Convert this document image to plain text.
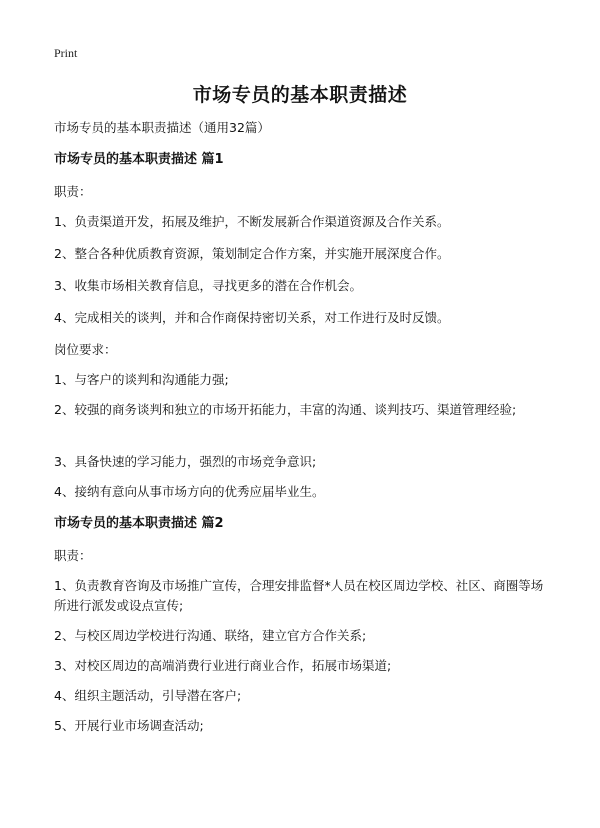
Print
市场专员的基本职责描述
市场专员的基本职责描述（通用32篇）
市场专员的基本职责描述 篇1
职责：
1、负责渠道开发，拓展及维护，不断发展新合作渠道资源及合作关系。
2、整合各种优质教育资源，策划制定合作方案，并实施开展深度合作。
3、收集市场相关教育信息，寻找更多的潜在合作机会。
4、完成相关的谈判，并和合作商保持密切关系，对工作进行及时反馈。
岗位要求：
1、与客户的谈判和沟通能力强;
2、较强的商务谈判和独立的市场开拓能力，丰富的沟通、谈判技巧、渠道管理经验;
3、具备快速的学习能力，强烈的市场竞争意识;
4、接纳有意向从事市场方向的优秀应届毕业生。
市场专员的基本职责描述 篇2
职责：
1、负责教育咨询及市场推广宣传，合理安排监督*人员在校区周边学校、社区、商圈等场所进行派发或设点宣传;
2、与校区周边学校进行沟通、联络，建立官方合作关系;
3、对校区周边的高端消费行业进行商业合作，拓展市场渠道;
4、组织主题活动，引导潜在客户;
5、开展行业市场调查活动;
